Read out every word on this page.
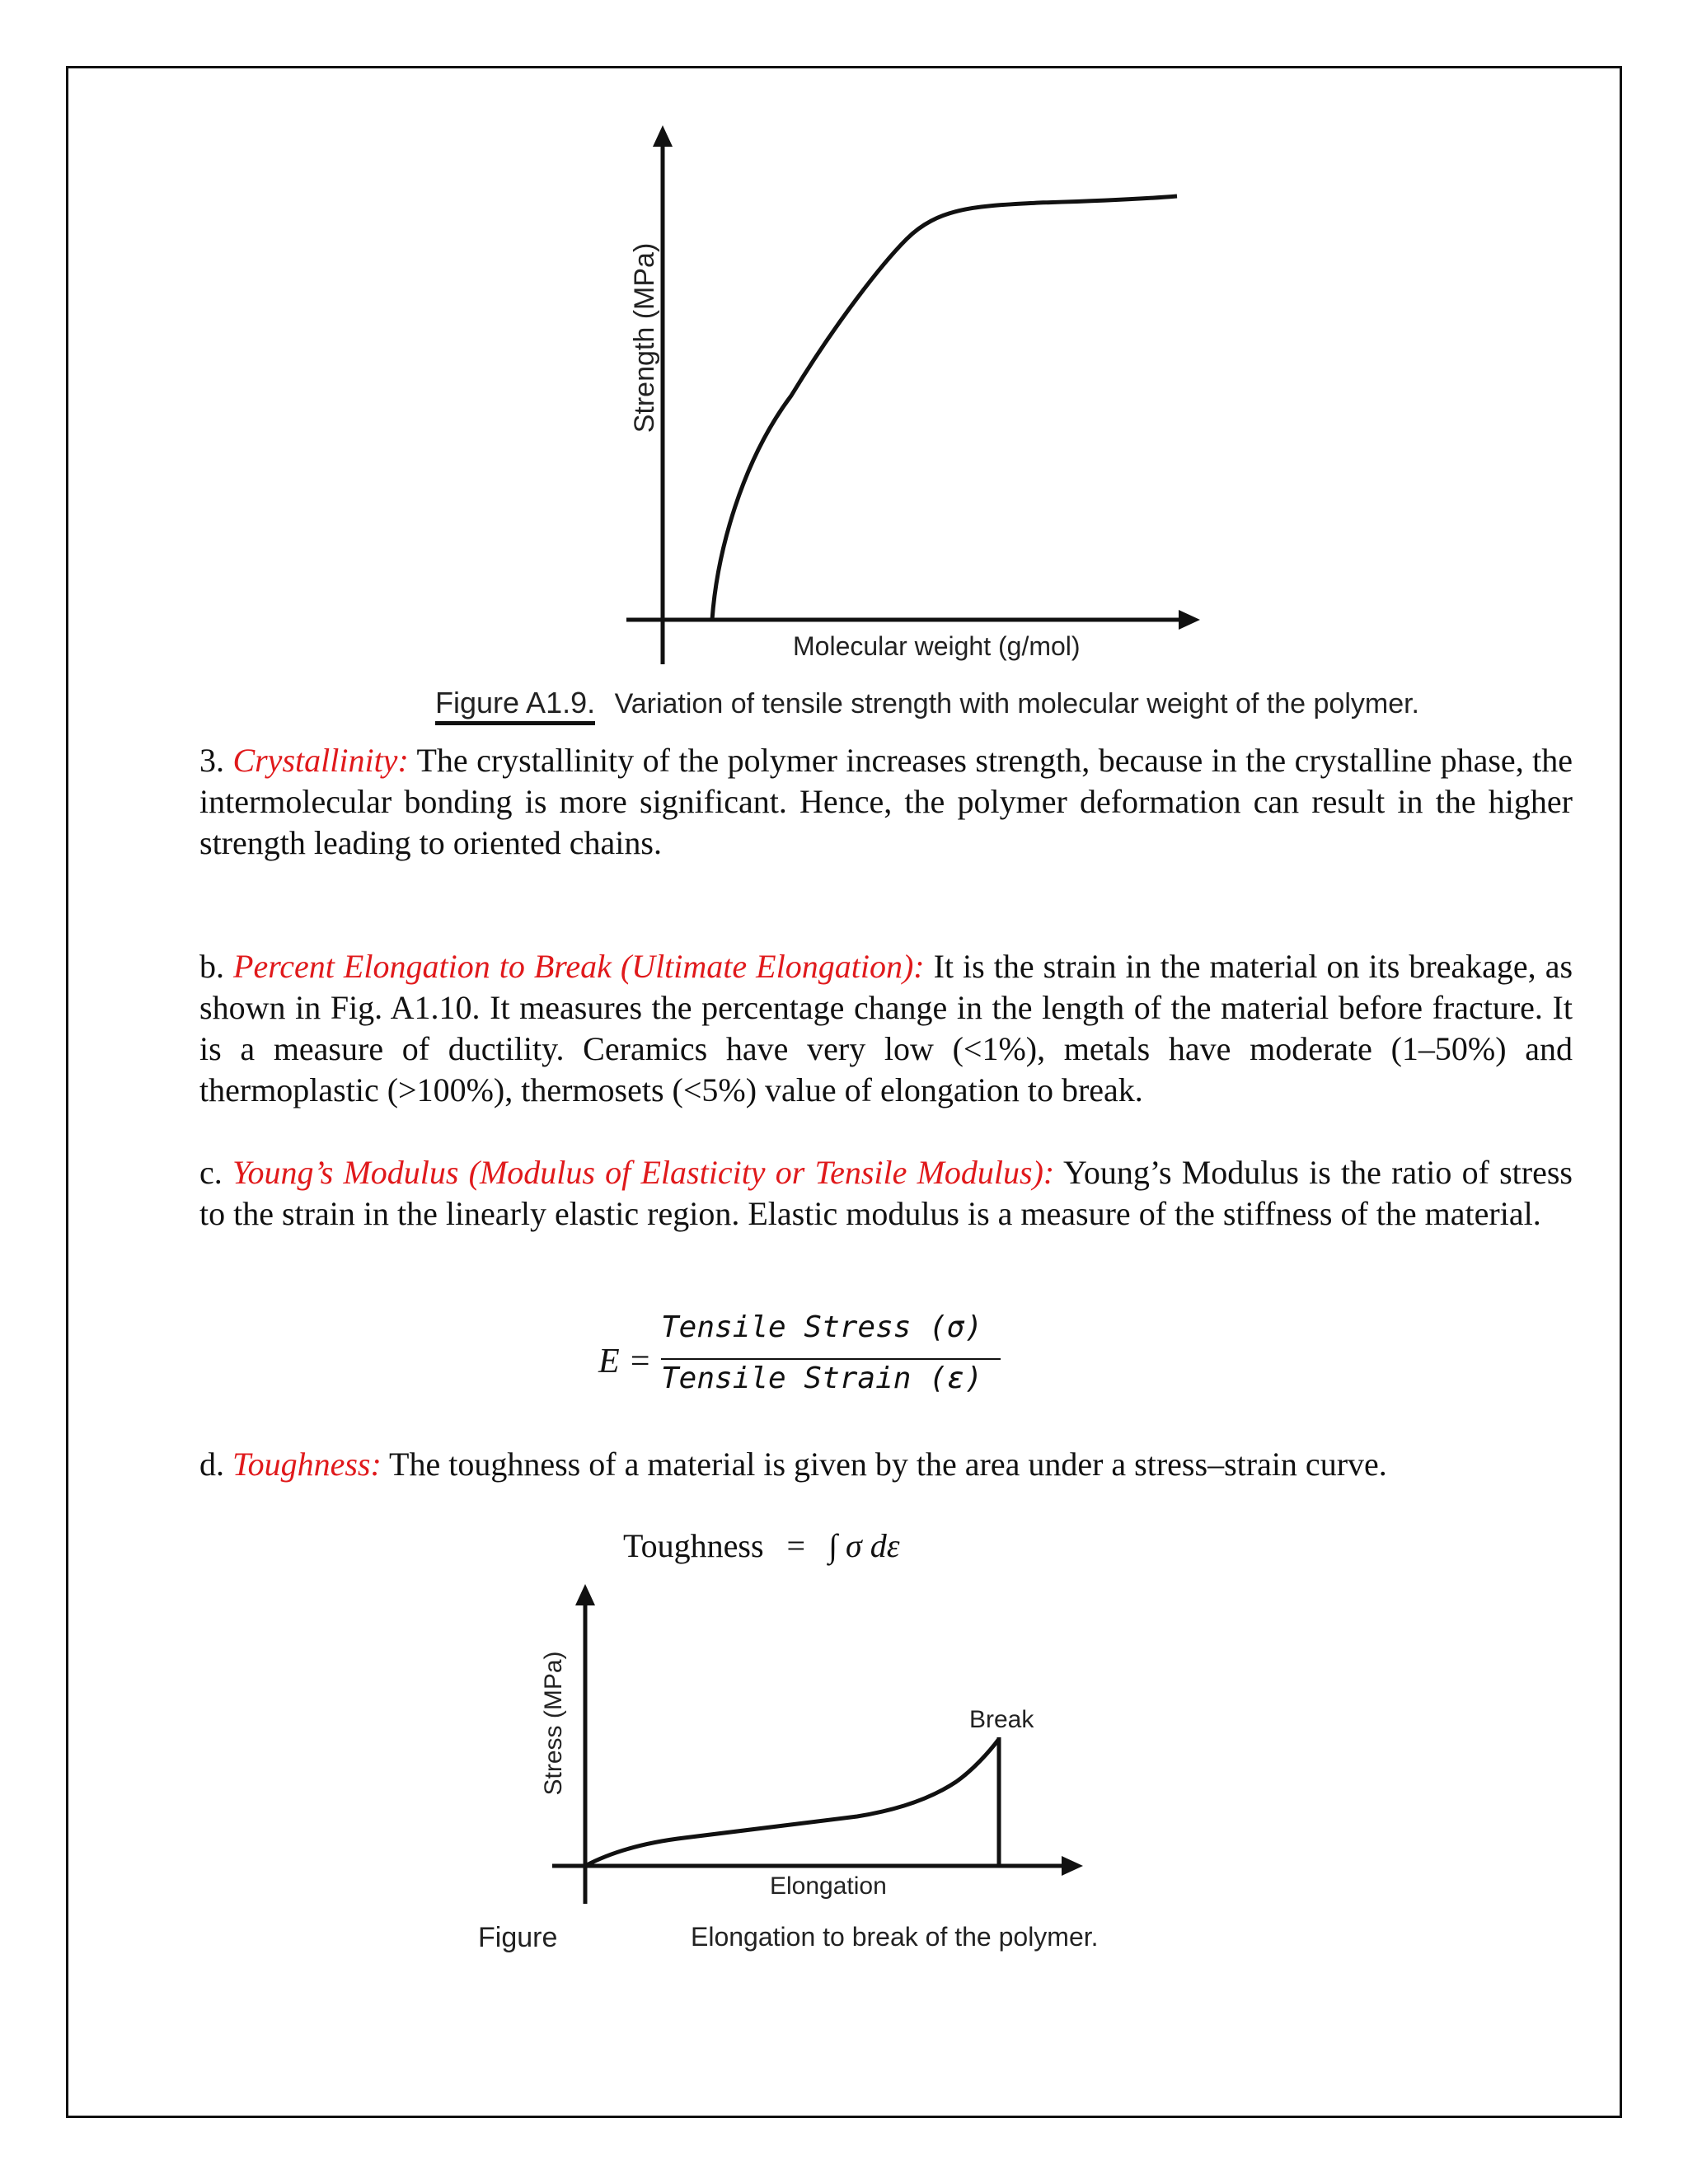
Strength (MPa)
Molecular weight (g/mol)
Figure A1.9. Variation of tensile strength with molecular weight of the polymer.
3. Crystallinity: The crystallinity of the polymer increases strength, because in the crystalline phase, the intermolecular bonding is more significant. Hence, the polymer deformation can result in the higher strength leading to oriented chains.
b. Percent Elongation to Break (Ultimate Elongation): It is the strain in the material on its breakage, as shown in Fig. A1.10. It measures the percentage change in the length of the material before fracture. It is a measure of ductility. Ceramics have very low (<1%), metals have moderate (1–50%) and thermoplastic (>100%), thermosets (<5%) value of elongation to break.
c. Young’s Modulus (Modulus of Elasticity or Tensile Modulus): Young’s Modulus is the ratio of stress to the strain in the linearly elastic region. Elastic modulus is a measure of the stiffness of the material.
E =
Tensile Stress (σ)
Tensile Strain (ε)
d. Toughness: The toughness of a material is given by the area under a stress–strain curve.
Toughness = ∫ σ dε
Stress (MPa)	Break
Elongation
Figure	Elongation to break of the polymer.
